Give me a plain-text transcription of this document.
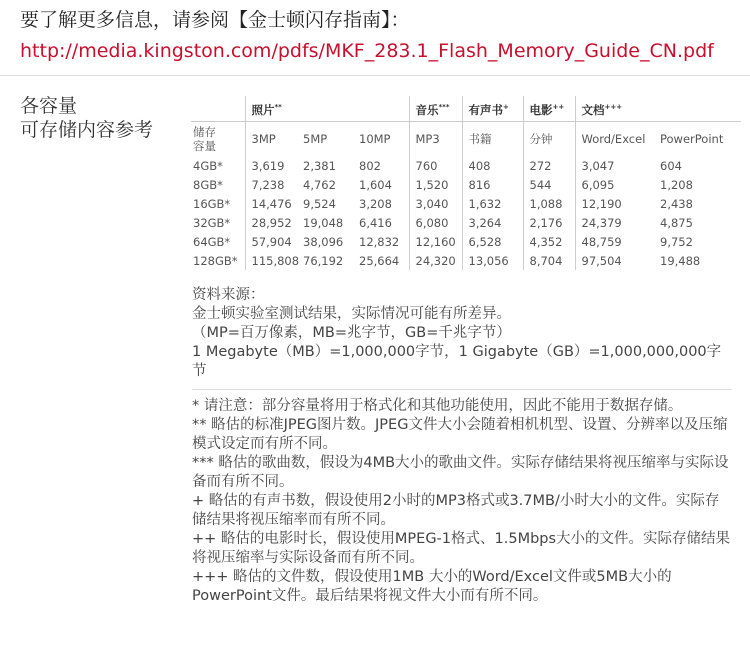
要了解更多信息，请参阅【金士顿闪存指南】：
http://media.kingston.com/pdfs/MKF_283.1_Flash_Memory_Guide_CN.pdf
各容量
可存储内容参考
	照片**			音乐***	有声书+	电影++	文档+++

储存
容量	3MP	5MP	10MP	MP3	书籍	分钟	Word/Excel	PowerPoint
4GB*	3,619	2,381	802	760	408	272	3,047	604
8GB*	7,238	4,762	1,604	1,520	816	544	6,095	1,208
16GB*	14,476	9,524	3,208	3,040	1,632	1,088	12,190	2,438
32GB*	28,952	19,048	6,416	6,080	3,264	2,176	24,379	4,875
64GB*	57,904	38,096	12,832	12,160	6,528	4,352	48,759	9,752
128GB*	115,808	76,192	25,664	24,320	13,056	8,704	97,504	19,488

资料来源：

金士顿实验室测试结果，实际情况可能有所差异。

（MP=百万像素，MB=兆字节，GB=千兆字节）

1 Megabyte（MB）=1,000,000字节，1 Gigabyte（GB）=1,000,000,000字节

* 请注意：部分容量将用于格式化和其他功能使用，因此不能用于数据存储。

** 略估的标准JPEG图片数。JPEG文件大小会随着相机机型、设置、分辨率以及压缩模式设定而有所不同。

*** 略估的歌曲数，假设为4MB大小的歌曲文件。实际存储结果将视压缩率与实际设备而有所不同。

+ 略估的有声书数，假设使用2小时的MP3格式或3.7MB/小时大小的文件。实际存储结果将视压缩率而有所不同。

++ 略估的电影时长，假设使用MPEG-1格式、1.5Mbps大小的文件。实际存储结果将视压缩率与实际设备而有所不同。

+++ 略估的文件数，假设使用1MB 大小的Word/Excel文件或5MB大小的PowerPoint文件。最后结果将视文件大小而有所不同。
